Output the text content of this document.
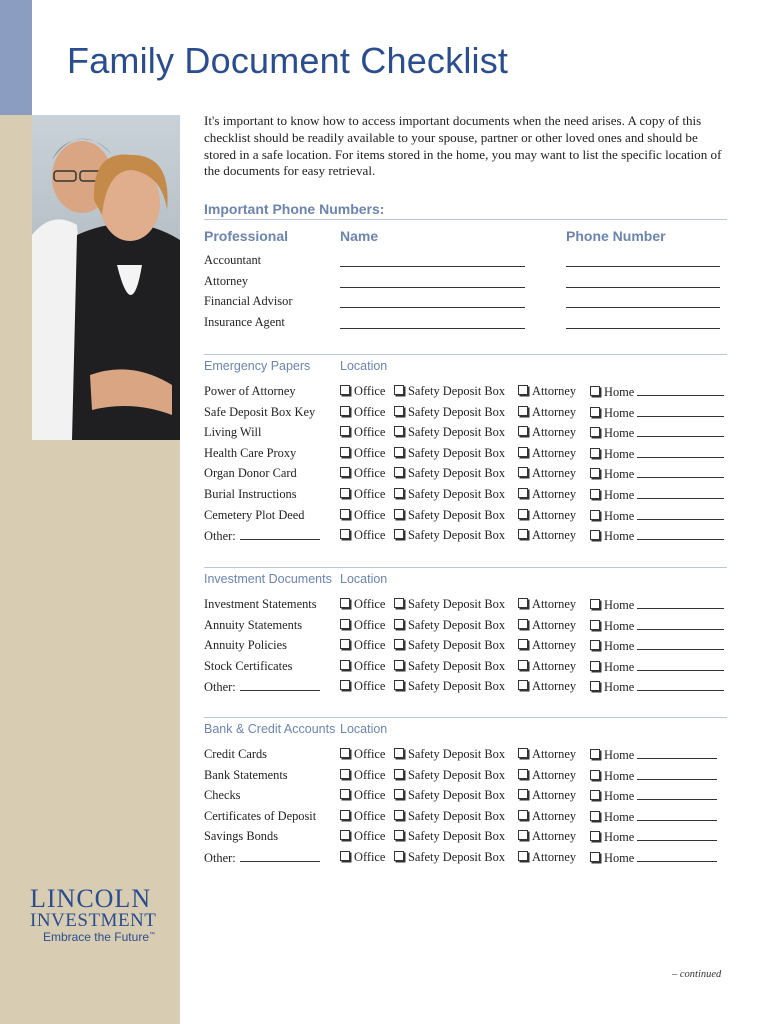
Family Document Checklist
It's important to know how to access important documents when the need arises. A copy of this checklist should be readily available to your spouse, partner or other loved ones and should be stored in a safe location. For items stored in the home, you may want to list the specific location of the documents for easy retrieval.
Important Phone Numbers:
Professional	Name	Phone Number
Accountant
Attorney
Financial Advisor
Insurance Agent
Emergency Papers Location
Power of Attorney	Office	Safety Deposit Box	Attorney	Home
Safe Deposit Box Key	Office	Safety Deposit Box	Attorney	Home
Living Will	Office	Safety Deposit Box	Attorney	Home
Health Care Proxy	Office	Safety Deposit Box	Attorney	Home
Organ Donor Card	Office	Safety Deposit Box	Attorney	Home
Burial Instructions	Office	Safety Deposit Box	Attorney	Home
Cemetery Plot Deed	Office	Safety Deposit Box	Attorney	Home
Other:	Office	Safety Deposit Box	Attorney	Home
Investment Documents Location
Investment Statements	Office	Safety Deposit Box	Attorney	Home
Annuity Statements	Office	Safety Deposit Box	Attorney	Home
Annuity Policies	Office	Safety Deposit Box	Attorney	Home
Stock Certificates	Office	Safety Deposit Box	Attorney	Home
Other:	Office	Safety Deposit Box	Attorney	Home
Bank & Credit Accounts Location
Credit Cards	Office	Safety Deposit Box	Attorney	Home
Bank Statements	Office	Safety Deposit Box	Attorney	Home
Checks	Office	Safety Deposit Box	Attorney	Home
Certificates of Deposit	Office	Safety Deposit Box	Attorney	Home
Savings Bonds	Office	Safety Deposit Box	Attorney	Home
Other:	Office	Safety Deposit Box	Attorney	Home
LINCOLN
INVESTMENT
Embrace the Future™
– continued
